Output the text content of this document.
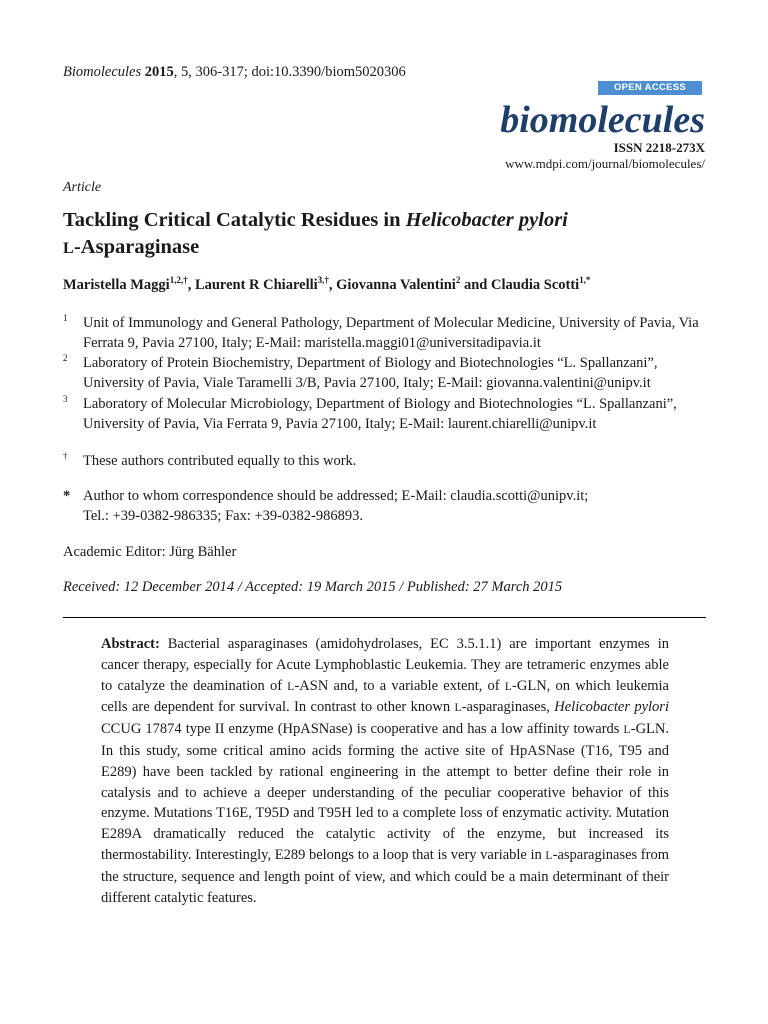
Biomolecules 2015, 5, 306-317; doi:10.3390/biom5020306
OPEN ACCESS
biomolecules
ISSN 2218-273X
www.mdpi.com/journal/biomolecules/
Article
Tackling Critical Catalytic Residues in Helicobacter pylori
L-Asparaginase
Maristella Maggi$^{1,2,\dagger}$, Laurent R Chiarelli$^{3,\dagger}$, Giovanna Valentini$^2$ and Claudia Scotti$^{1,*}$
1 Unit of Immunology and General Pathology, Department of Molecular Medicine, University of Pavia, Via Ferrata 9, Pavia 27100, Italy; E-Mail: maristella.maggi01@universitadipavia.it
2 Laboratory of Protein Biochemistry, Department of Biology and Biotechnologies “L. Spallanzani”, University of Pavia, Viale Taramelli 3/B, Pavia 27100, Italy; E-Mail: giovanna.valentini@unipv.it
3 Laboratory of Molecular Microbiology, Department of Biology and Biotechnologies “L. Spallanzani”, University of Pavia, Via Ferrata 9, Pavia 27100, Italy; E-Mail: laurent.chiarelli@unipv.it
† These authors contributed equally to this work.
* Author to whom correspondence should be addressed; E-Mail: claudia.scotti@unipv.it;
Tel.: +39-0382-986335; Fax: +39-0382-986893.
Academic Editor: Jürg Bähler
Received: 12 December 2014 / Accepted: 19 March 2015 / Published: 27 March 2015
Abstract: Bacterial asparaginases (amidohydrolases, EC 3.5.1.1) are important enzymes in cancer therapy, especially for Acute Lymphoblastic Leukemia. They are tetrameric enzymes able to catalyze the deamination of L-ASN and, to a variable extent, of L-GLN, on which leukemia cells are dependent for survival. In contrast to other known L-asparaginases, Helicobacter pylori CCUG 17874 type II enzyme (HpASNase) is cooperative and has a low affinity towards L-GLN. In this study, some critical amino acids forming the active site of HpASNase (T16, T95 and E289) have been tackled by rational engineering in the attempt to better define their role in catalysis and to achieve a deeper understanding of the peculiar cooperative behavior of this enzyme. Mutations T16E, T95D and T95H led to a complete loss of enzymatic activity. Mutation E289A dramatically reduced the catalytic activity of the enzyme, but increased its thermostability. Interestingly, E289 belongs to a loop that is very variable in L-asparaginases from the structure, sequence and length point of view, and which could be a main determinant of their different catalytic features.
